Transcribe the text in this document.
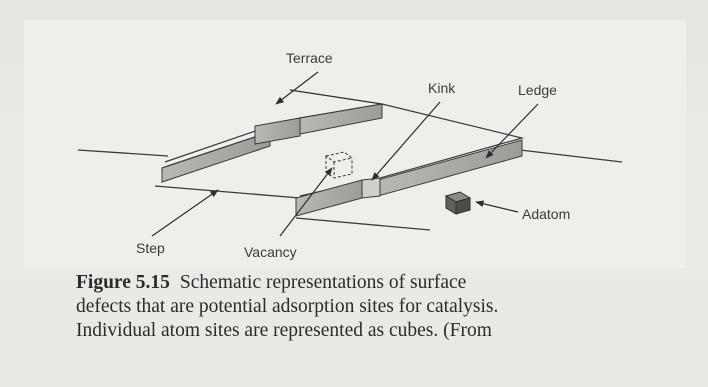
Terrace
Kink	Ledge
Adatom
Step	Vacancy
Figure 5.15 Schematic representations of surface
defects that are potential adsorption sites for catalysis.
Individual atom sites are represented as cubes. (From
